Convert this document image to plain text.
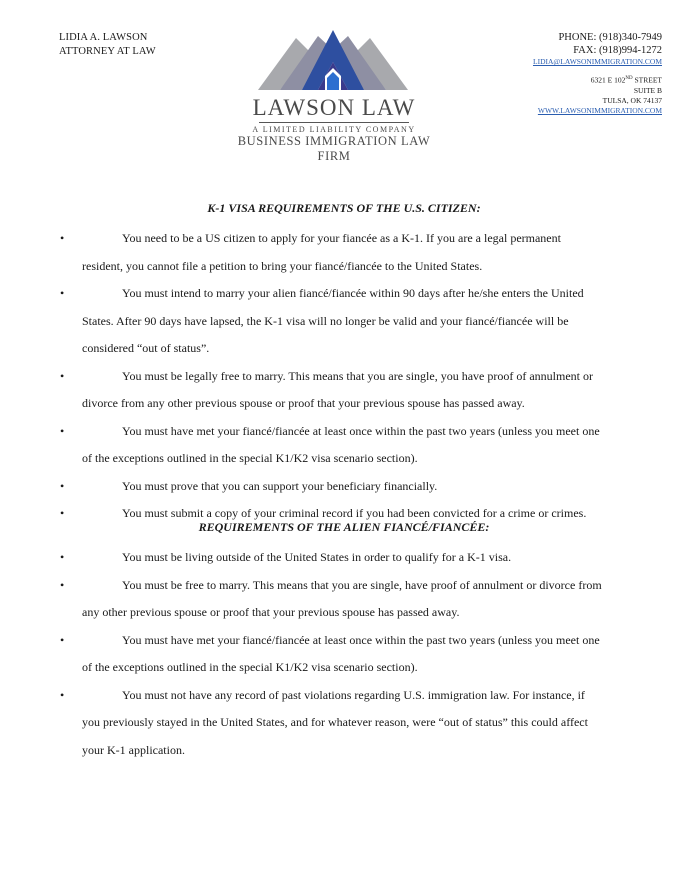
LIDIA A. LAWSON
ATTORNEY AT LAW
LAWSON LAW
A LIMITED LIABILITY COMPANY
BUSINESS IMMIGRATION LAW FIRM
PHONE: (918)340-7949
FAX: (918)994-1272
LIDIA@LAWSONIMMIGRATION.COM
6321 E 102ND STREET
SUITE B
TULSA, OK 74137
WWW.LAWSONIMMIGRATION.COM
K-1 VISA REQUIREMENTS OF THE U.S. CITIZEN:
•	You need to be a US citizen to apply for your fiancée as a K-1. If you are a legal permanent resident, you cannot file a petition to bring your fiancé/fiancée to the United States.
•	You must intend to marry your alien fiancé/fiancée within 90 days after he/she enters the United States. After 90 days have lapsed, the K-1 visa will no longer be valid and your fiancé/fiancée will be considered “out of status”.
•	You must be legally free to marry. This means that you are single, you have proof of annulment or divorce from any other previous spouse or proof that your previous spouse has passed away.
•	You must have met your fiancé/fiancée at least once within the past two years (unless you meet one of the exceptions outlined in the special K1/K2 visa scenario section).
•	You must prove that you can support your beneficiary financially.
•	You must submit a copy of your criminal record if you had been convicted for a crime or crimes.
REQUIREMENTS OF THE ALIEN FIANCÉ/FIANCÉE:
•	You must be living outside of the United States in order to qualify for a K-1 visa.
•	You must be free to marry. This means that you are single, have proof of annulment or divorce from any other previous spouse or proof that your previous spouse has passed away.
•	You must have met your fiancé/fiancée at least once within the past two years (unless you meet one of the exceptions outlined in the special K1/K2 visa scenario section).
•	You must not have any record of past violations regarding U.S. immigration law. For instance, if you previously stayed in the United States, and for whatever reason, were “out of status” this could affect your K-1 application.
